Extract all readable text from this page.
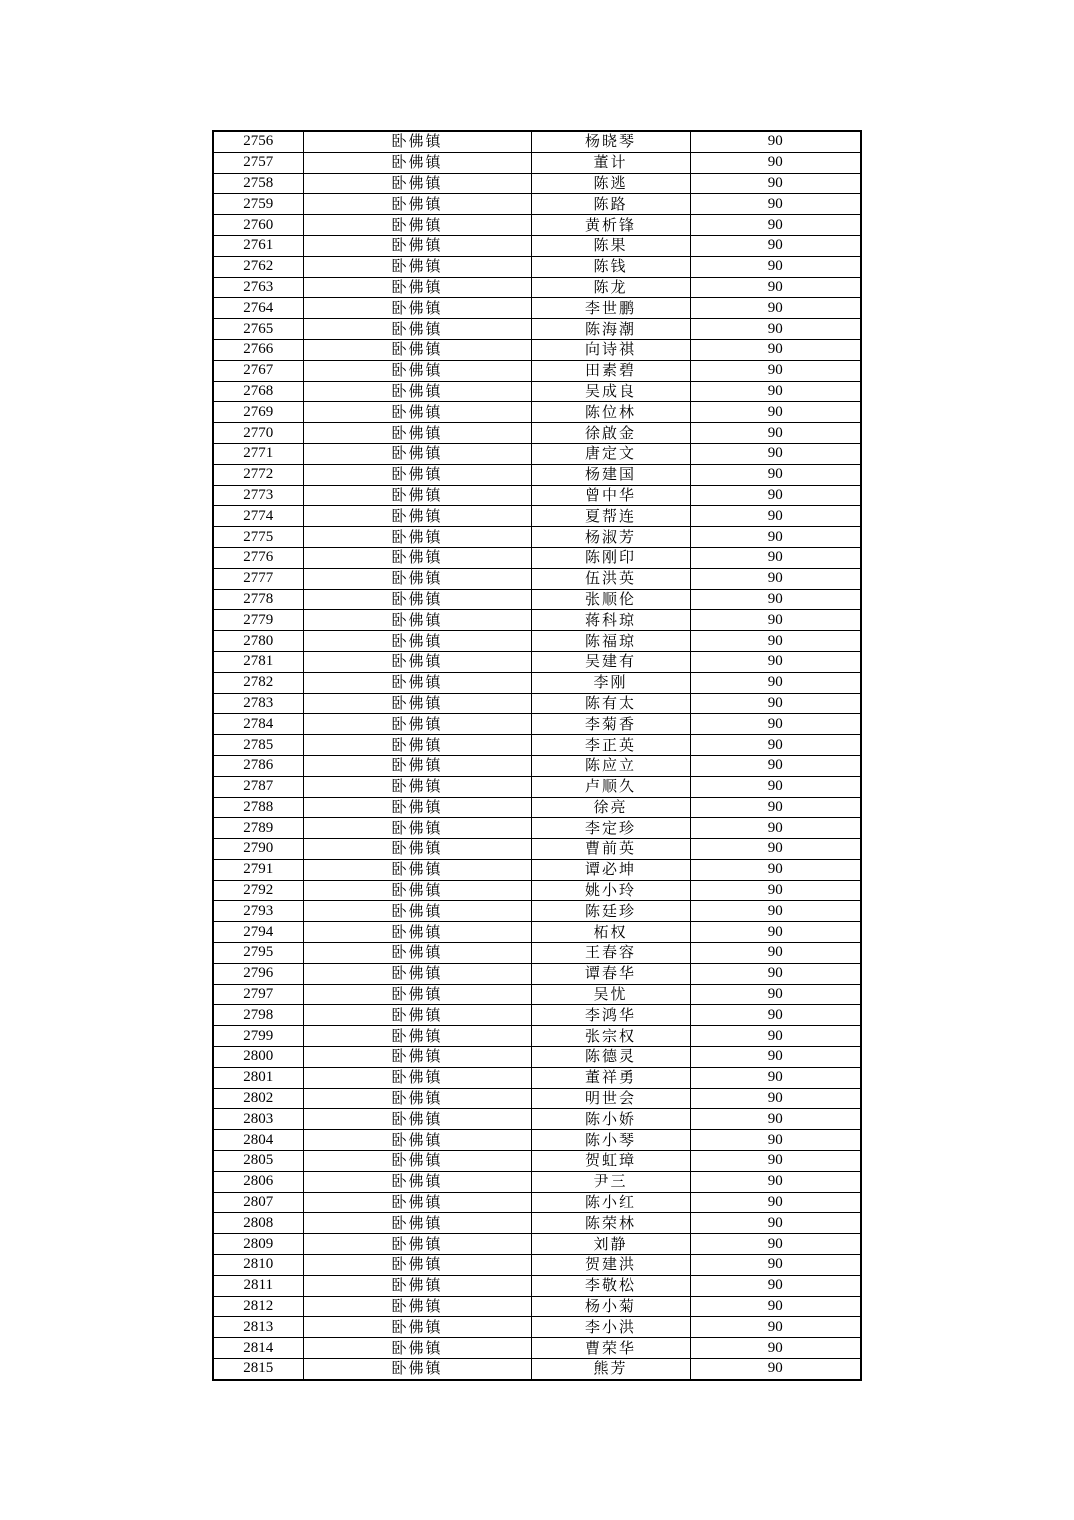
2756	卧佛镇	杨晓琴	90
2757	卧佛镇	董计	90
2758	卧佛镇	陈逃	90
2759	卧佛镇	陈路	90
2760	卧佛镇	黄析锋	90
2761	卧佛镇	陈果	90
2762	卧佛镇	陈钱	90
2763	卧佛镇	陈龙	90
2764	卧佛镇	李世鹏	90
2765	卧佛镇	陈海潮	90
2766	卧佛镇	向诗祺	90
2767	卧佛镇	田素碧	90
2768	卧佛镇	吴成良	90
2769	卧佛镇	陈位林	90
2770	卧佛镇	徐啟金	90
2771	卧佛镇	唐定文	90
2772	卧佛镇	杨建国	90
2773	卧佛镇	曾中华	90
2774	卧佛镇	夏帮连	90
2775	卧佛镇	杨淑芳	90
2776	卧佛镇	陈刚印	90
2777	卧佛镇	伍洪英	90
2778	卧佛镇	张顺伦	90
2779	卧佛镇	蒋科琼	90
2780	卧佛镇	陈福琼	90
2781	卧佛镇	吴建有	90
2782	卧佛镇	李刚	90
2783	卧佛镇	陈有太	90
2784	卧佛镇	李菊香	90
2785	卧佛镇	李正英	90
2786	卧佛镇	陈应立	90
2787	卧佛镇	卢顺久	90
2788	卧佛镇	徐亮	90
2789	卧佛镇	李定珍	90
2790	卧佛镇	曹前英	90
2791	卧佛镇	谭必坤	90
2792	卧佛镇	姚小玲	90
2793	卧佛镇	陈廷珍	90
2794	卧佛镇	柘权	90
2795	卧佛镇	王春容	90
2796	卧佛镇	谭春华	90
2797	卧佛镇	吴忧	90
2798	卧佛镇	李鸿华	90
2799	卧佛镇	张宗权	90
2800	卧佛镇	陈德灵	90
2801	卧佛镇	董祥勇	90
2802	卧佛镇	明世会	90
2803	卧佛镇	陈小娇	90
2804	卧佛镇	陈小琴	90
2805	卧佛镇	贺虹璋	90
2806	卧佛镇	尹三	90
2807	卧佛镇	陈小红	90
2808	卧佛镇	陈荣林	90
2809	卧佛镇	刘静	90
2810	卧佛镇	贺建洪	90
2811	卧佛镇	李敬松	90
2812	卧佛镇	杨小菊	90
2813	卧佛镇	李小洪	90
2814	卧佛镇	曹荣华	90
2815	卧佛镇	熊芳	90
